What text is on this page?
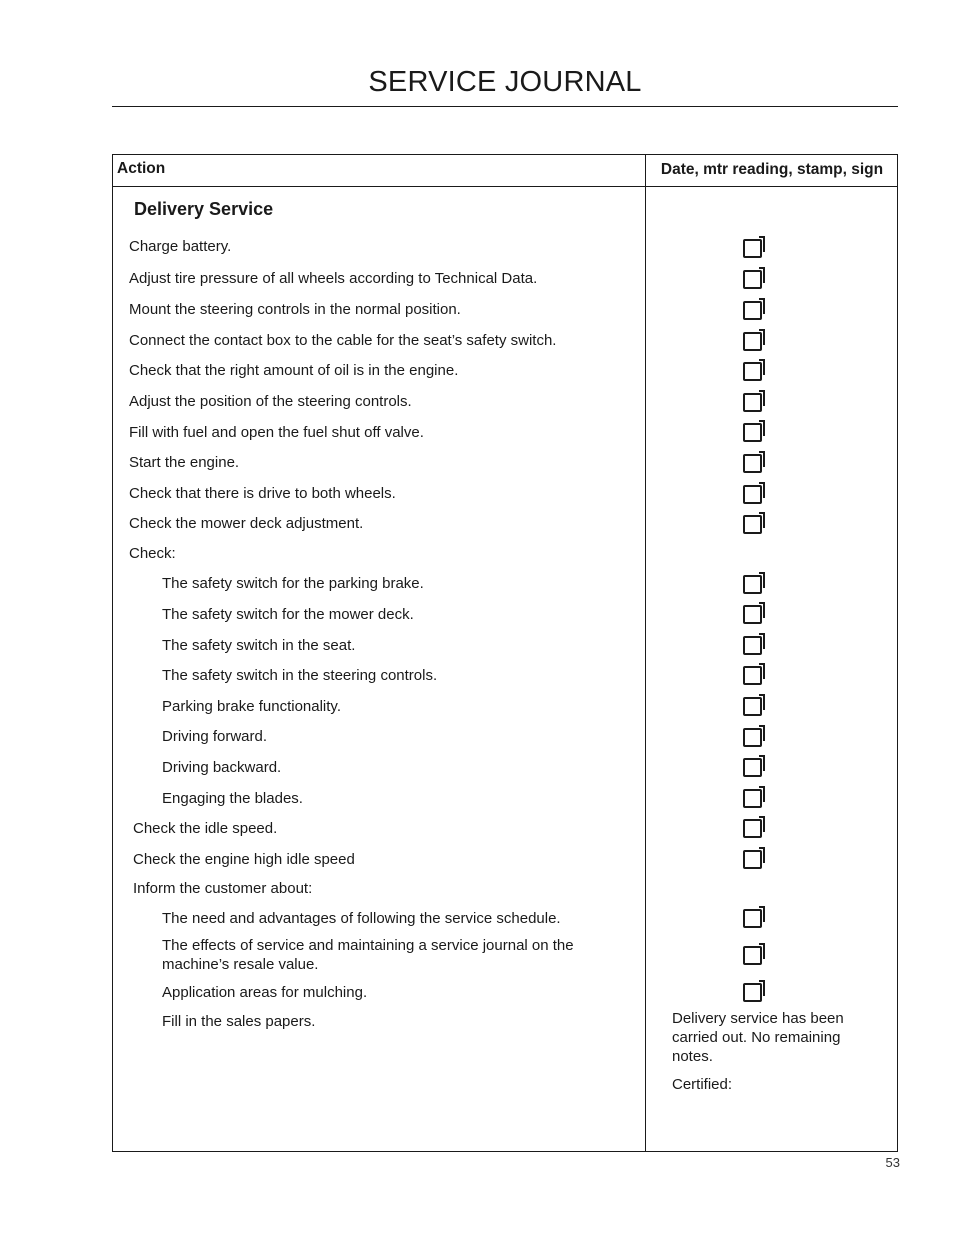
SERVICE JOURNAL
Action	Date, mtr reading, stamp, sign
Delivery Service
Charge battery.
Adjust tire pressure of all wheels according to Technical Data.
Mount the steering controls in the normal position.
Connect the contact box to the cable for the seat’s safety switch.
Check that the right amount of oil is in the engine.
Adjust the position of the steering controls.
Fill with fuel and open the fuel shut off valve.
Start the engine.
Check that there is drive to both wheels.
Check the mower deck adjustment.
Check:
The safety switch for the parking brake.
The safety switch for the mower deck.
The safety switch in the seat.
The safety switch in the steering controls.
Parking brake functionality.
Driving forward.
Driving backward.
Engaging the blades.
Check the idle speed.
Check the engine high idle speed
Inform the customer about:
The need and advantages of following the service schedule.
The effects of service and maintaining a service journal on the machine’s resale value.
Application areas for mulching.
Fill in the sales papers.	Delivery service has been carried out. No remaining notes.
Certified:
53
